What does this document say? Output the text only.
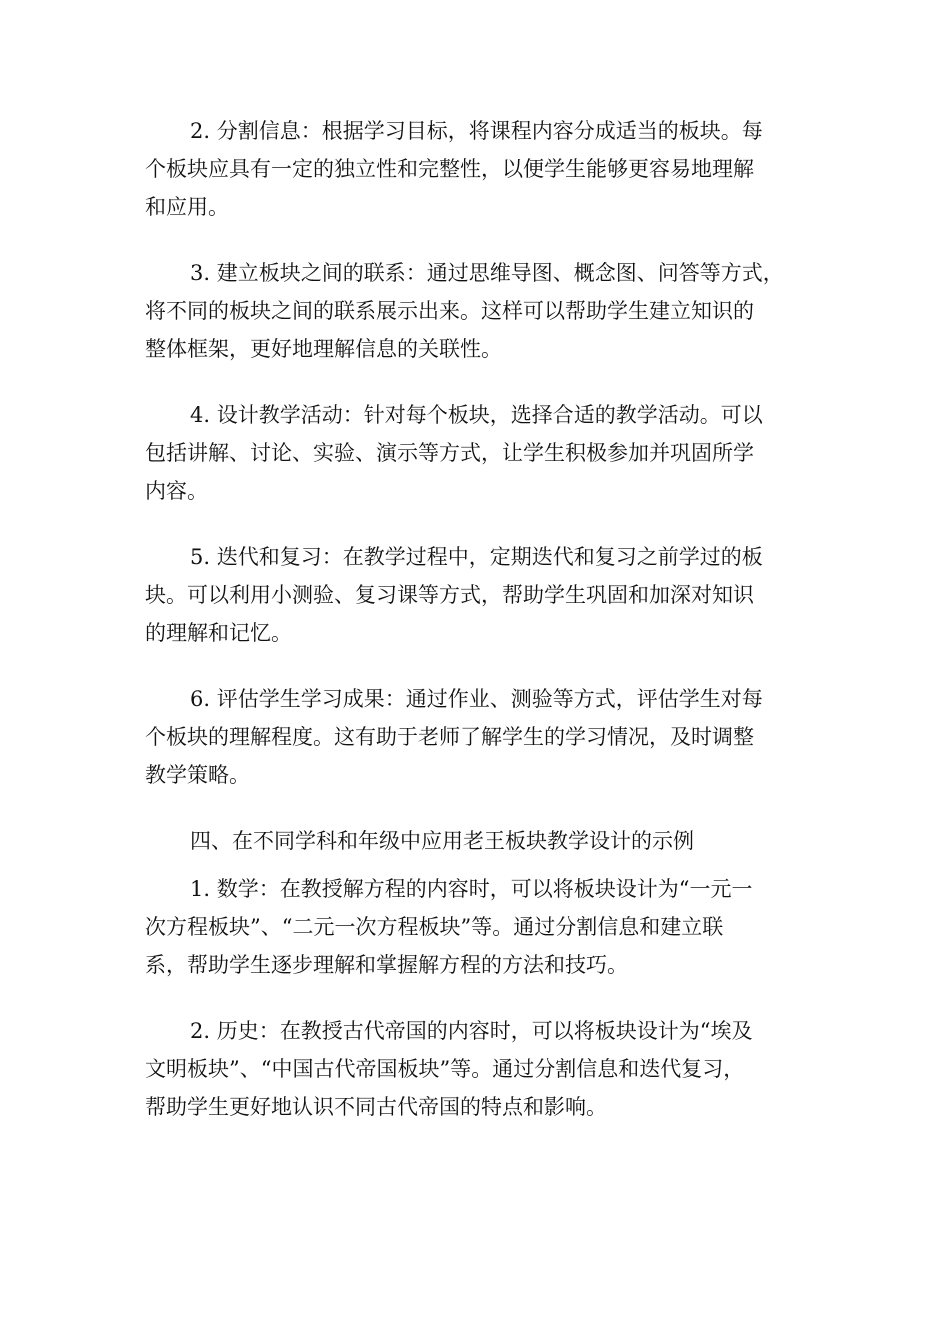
2. 分割信息：根据学习目标，将课程内容分成适当的板块。每
个板块应具有一定的独立性和完整性，以便学生能够更容易地理解
和应用。

3. 建立板块之间的联系：通过思维导图、概念图、问答等方式，
将不同的板块之间的联系展示出来。这样可以帮助学生建立知识的
整体框架，更好地理解信息的关联性。

4. 设计教学活动：针对每个板块，选择合适的教学活动。可以
包括讲解、讨论、实验、演示等方式，让学生积极参加并巩固所学
内容。

5. 迭代和复习：在教学过程中，定期迭代和复习之前学过的板
块。可以利用小测验、复习课等方式，帮助学生巩固和加深对知识
的理解和记忆。

6. 评估学生学习成果：通过作业、测验等方式，评估学生对每
个板块的理解程度。这有助于老师了解学生的学习情况，及时调整
教学策略。

四、在不同学科和年级中应用老王板块教学设计的示例

1. 数学：在教授解方程的内容时，可以将板块设计为“一元一
次方程板块”、“二元一次方程板块”等。通过分割信息和建立联
系，帮助学生逐步理解和掌握解方程的方法和技巧。

2. 历史：在教授古代帝国的内容时，可以将板块设计为“埃及
文明板块”、“中国古代帝国板块”等。通过分割信息和迭代复习，
帮助学生更好地认识不同古代帝国的特点和影响。
